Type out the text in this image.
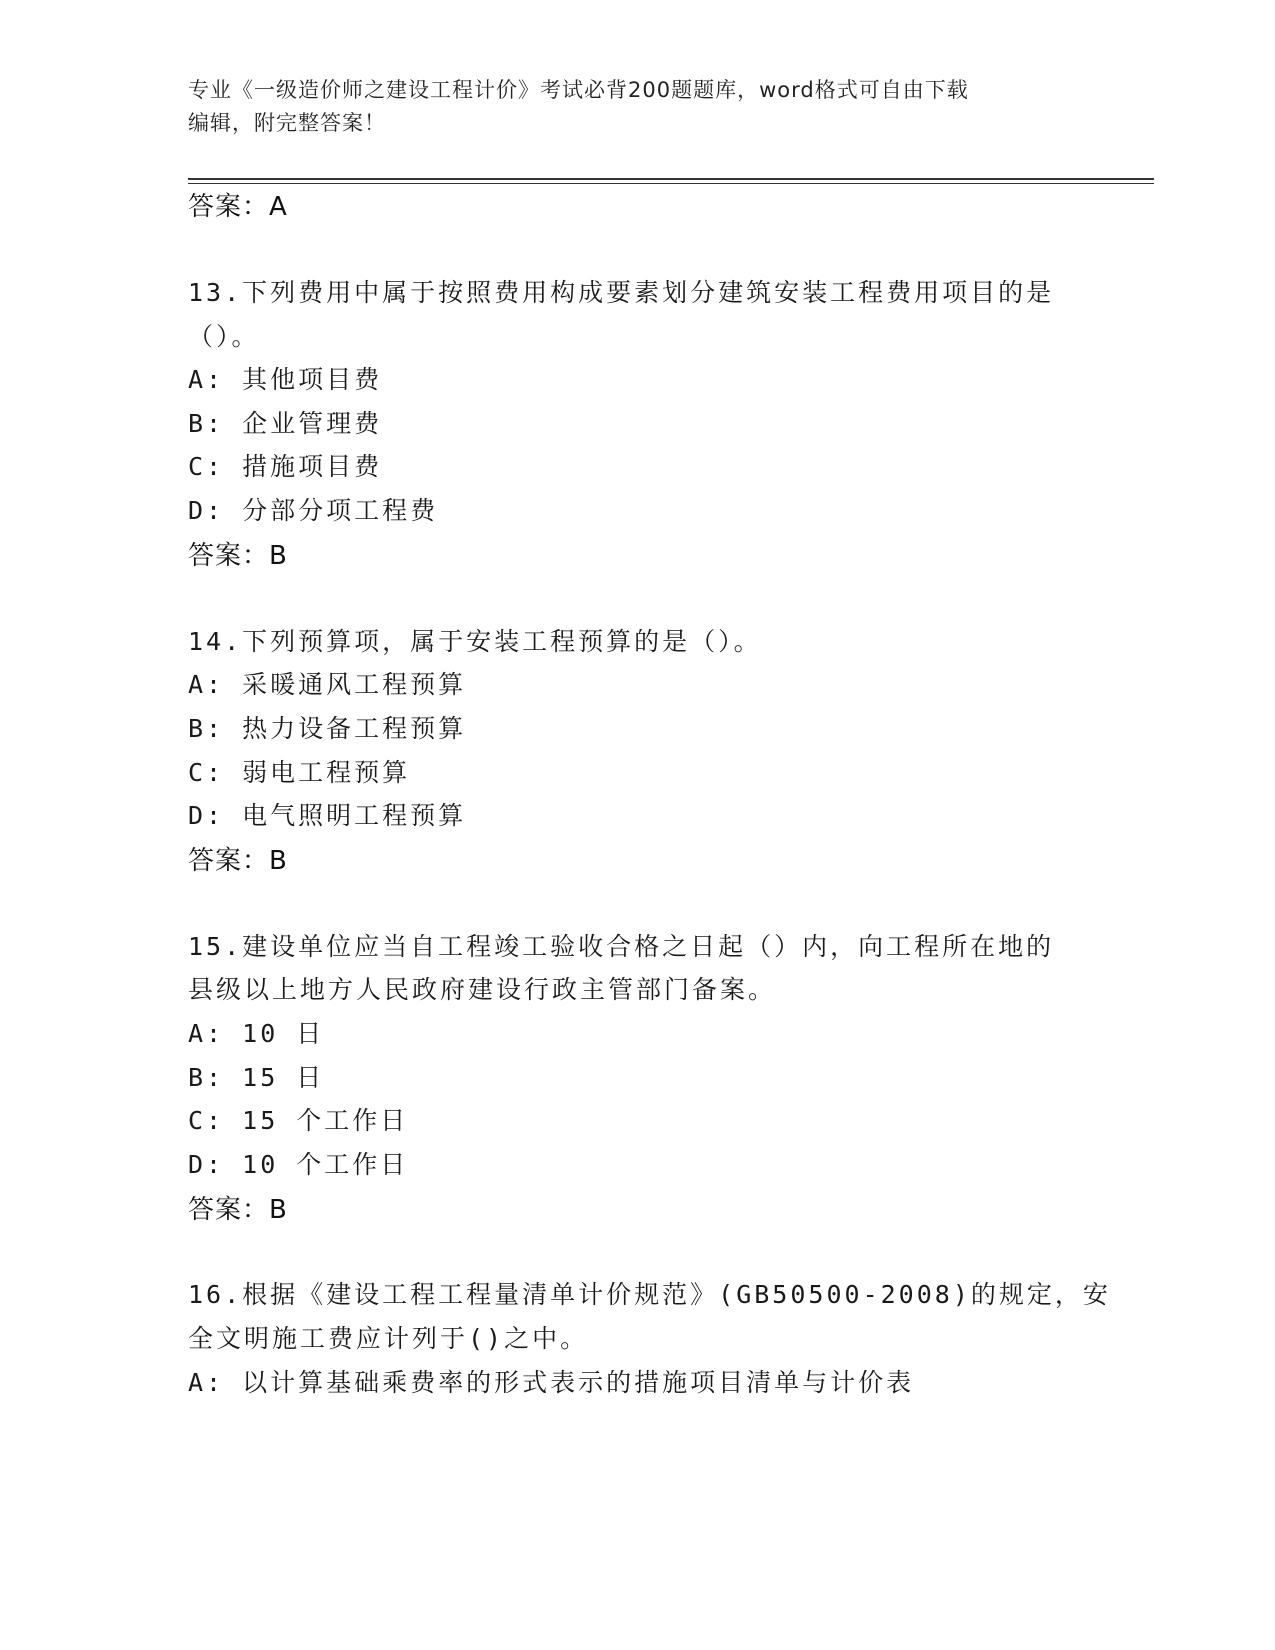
专业《一级造价师之建设工程计价》考试必背200题题库，word格式可自由下载
编辑，附完整答案！
答案：A
13.下列费用中属于按照费用构成要素划分建筑安装工程费用项目的是
（）。
A: 其他项目费
B: 企业管理费
C: 措施项目费
D: 分部分项工程费
答案：B
14.下列预算项，属于安装工程预算的是（）。
A: 采暖通风工程预算
B: 热力设备工程预算
C: 弱电工程预算
D: 电气照明工程预算
答案：B
15.建设单位应当自工程竣工验收合格之日起（）内，向工程所在地的
县级以上地方人民政府建设行政主管部门备案。
A: 10 日
B: 15 日
C: 15 个工作日
D: 10 个工作日
答案：B
16.根据《建设工程工程量清单计价规范》(GB50500-2008)的规定，安
全文明施工费应计列于()之中。
A: 以计算基础乘费率的形式表示的措施项目清单与计价表
